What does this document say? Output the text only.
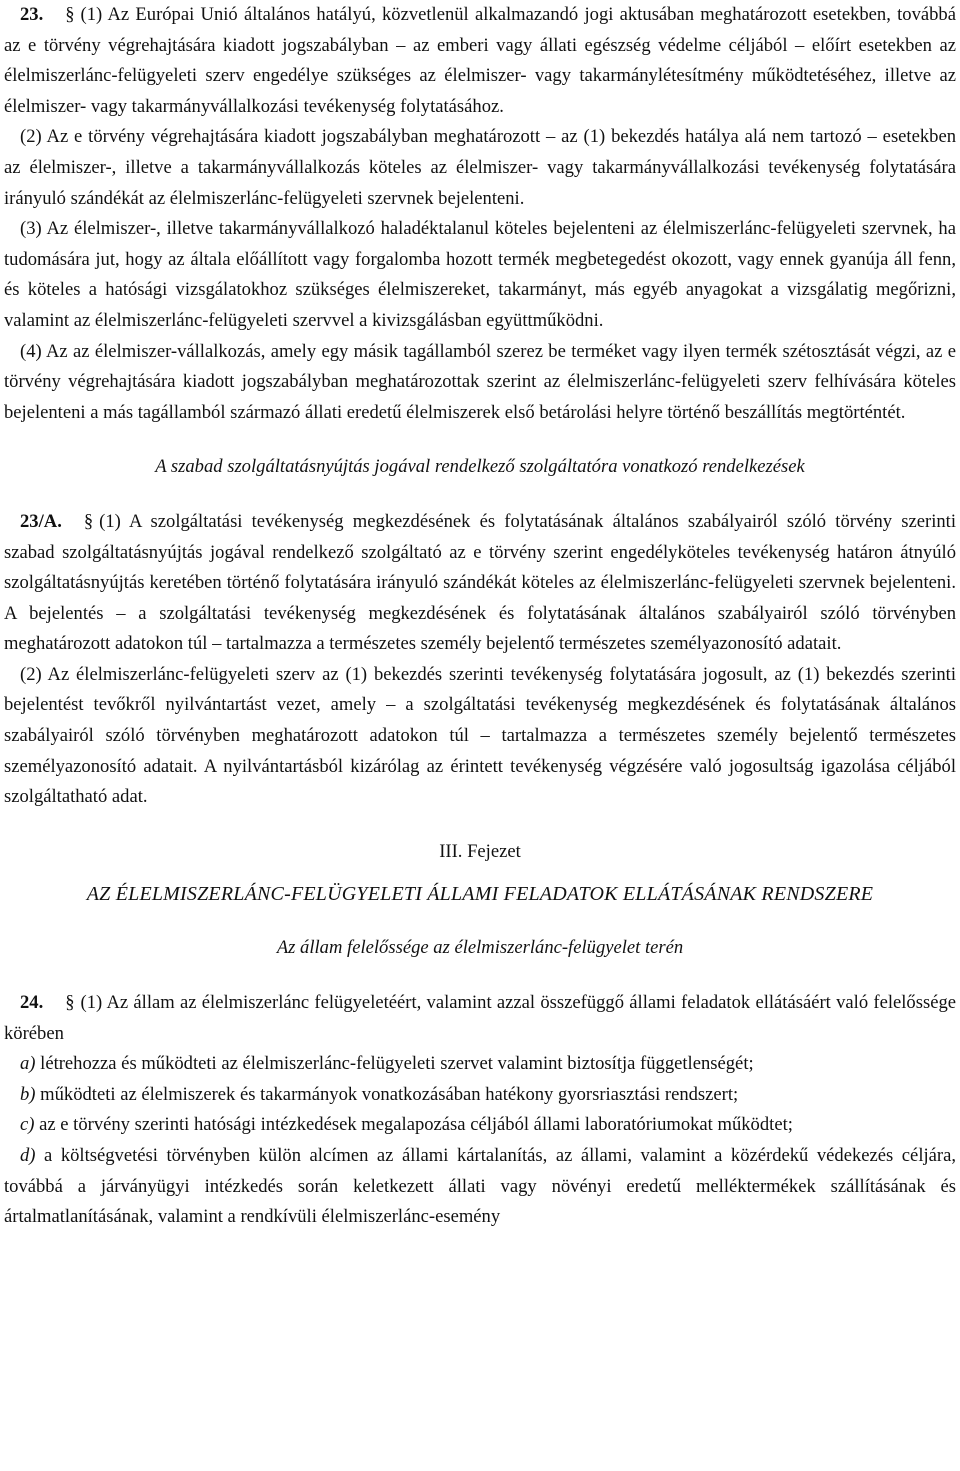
23. § (1) Az Európai Unió általános hatályú, közvetlenül alkalmazandó jogi aktusában meghatározott esetekben, továbbá az e törvény végrehajtására kiadott jogszabályban – az emberi vagy állati egészség védelme céljából – előírt esetekben az élelmiszerlánc-felügyeleti szerv engedélye szükséges az élelmiszer- vagy takarmánylétesítmény működtetéséhez, illetve az élelmiszer- vagy takarmányvállalkozási tevékenység folytatásához.

(2) Az e törvény végrehajtására kiadott jogszabályban meghatározott – az (1) bekezdés hatálya alá nem tartozó – esetekben az élelmiszer-, illetve a takarmányvállalkozás köteles az élelmiszer- vagy takarmányvállalkozási tevékenység folytatására irányuló szándékát az élelmiszerlánc-felügyeleti szervnek bejelenteni.

(3) Az élelmiszer-, illetve takarmányvállalkozó haladéktalanul köteles bejelenteni az élelmiszerlánc-felügyeleti szervnek, ha tudomására jut, hogy az általa előállított vagy forgalomba hozott termék megbetegedést okozott, vagy ennek gyanúja áll fenn, és köteles a hatósági vizsgálatokhoz szükséges élelmiszereket, takarmányt, más egyéb anyagokat a vizsgálatig megőrizni, valamint az élelmiszerlánc-felügyeleti szervvel a kivizsgálásban együttműködni.

(4) Az az élelmiszer-vállalkozás, amely egy másik tagállamból szerez be terméket vagy ilyen termék szétosztását végzi, az e törvény végrehajtására kiadott jogszabályban meghatározottak szerint az élelmiszerlánc-felügyeleti szerv felhívására köteles bejelenteni a más tagállamból származó állati eredetű élelmiszerek első betárolási helyre történő beszállítás megtörténtét.

A szabad szolgáltatásnyújtás jogával rendelkező szolgáltatóra vonatkozó rendelkezések

23/A. § (1) A szolgáltatási tevékenység megkezdésének és folytatásának általános szabályairól szóló törvény szerinti szabad szolgáltatásnyújtás jogával rendelkező szolgáltató az e törvény szerint engedélyköteles tevékenység határon átnyúló szolgáltatásnyújtás keretében történő folytatására irányuló szándékát köteles az élelmiszerlánc-felügyeleti szervnek bejelenteni. A bejelentés – a szolgáltatási tevékenység megkezdésének és folytatásának általános szabályairól szóló törvényben meghatározott adatokon túl – tartalmazza a természetes személy bejelentő természetes személyazonosító adatait.

(2) Az élelmiszerlánc-felügyeleti szerv az (1) bekezdés szerinti tevékenység folytatására jogosult, az (1) bekezdés szerinti bejelentést tevőkről nyilvántartást vezet, amely – a szolgáltatási tevékenység megkezdésének és folytatásának általános szabályairól szóló törvényben meghatározott adatokon túl – tartalmazza a természetes személy bejelentő természetes személyazonosító adatait. A nyilvántartásból kizárólag az érintett tevékenység végzésére való jogosultság igazolása céljából szolgáltatható adat.

III. Fejezet

AZ ÉLELMISZERLÁNC-FELÜGYELETI ÁLLAMI FELADATOK ELLÁTÁSÁNAK RENDSZERE

Az állam felelőssége az élelmiszerlánc-felügyelet terén

24. § (1) Az állam az élelmiszerlánc felügyeletéért, valamint azzal összefüggő állami feladatok ellátásáért való felelőssége körében

a) létrehozza és működteti az élelmiszerlánc-felügyeleti szervet valamint biztosítja függetlenségét;

b) működteti az élelmiszerek és takarmányok vonatkozásában hatékony gyorsriasztási rendszert;

c) az e törvény szerinti hatósági intézkedések megalapozása céljából állami laboratóriumokat működtet;

d) a költségvetési törvényben külön alcímen az állami kártalanítás, az állami, valamint a közérdekű védekezés céljára, továbbá a járványügyi intézkedés során keletkezett állati vagy növényi eredetű melléktermékek szállításának és ártalmatlanításának, valamint a rendkívüli élelmiszerlánc-esemény
